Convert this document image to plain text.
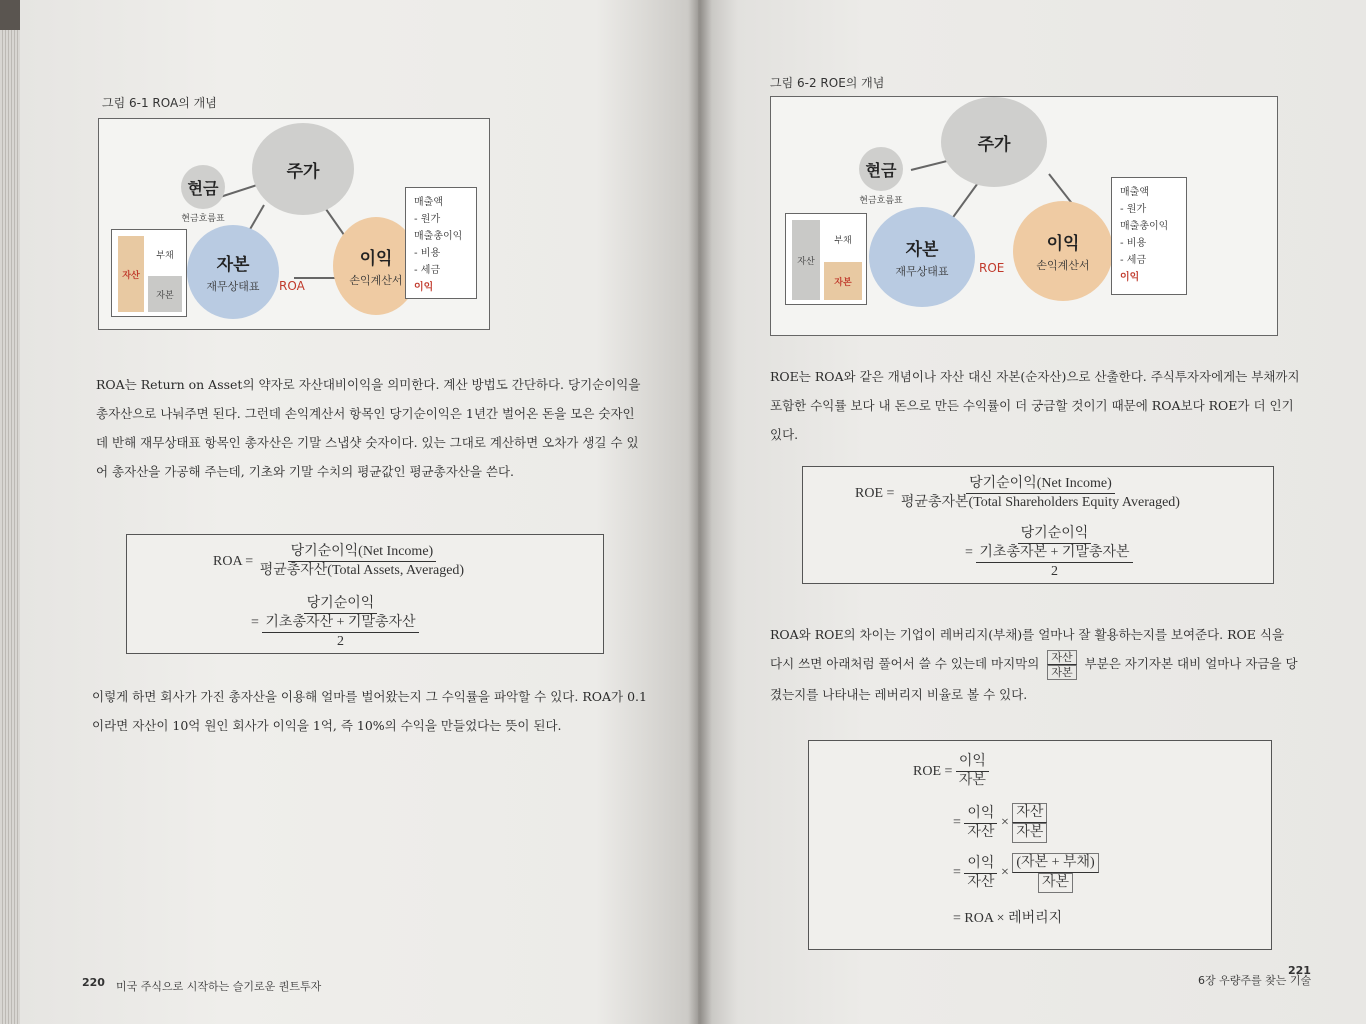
그림 6-1 ROA의 개념
주가
현금
현금흐름표
자본
재무상태표
이익
손익계산서
ROA
자산
부채
자본
매출액
- 원가
매출총이익
- 비용
- 세금
이익
ROA는 Return on Asset의 약자로 자산대비이익을 의미한다. 계산 방법도 간단하다. 당기순이익을 총자산으로 나눠주면 된다. 그런데 손익계산서 항목인 당기순이익은 1년간 벌어온 돈을 모은 숫자인데 반해 재무상태표 항목인 총자산은 기말 스냅샷 숫자이다. 있는 그대로 계산하면 오차가 생길 수 있어 총자산을 가공해 주는데, 기초와 기말 수치의 평균값인 평균총자산을 쓴다.
ROA =
$\frac{\text{당기순이익(Net Income)}}{\text{평균총자산(Total Assets, Averaged)}}$
=
$\frac{\text{당기순이익}}{\frac{\text{기초총자산 + 기말총자산}}{2}}$
이렇게 하면 회사가 가진 총자산을 이용해 얼마를 벌어왔는지 그 수익률을 파악할 수 있다. ROA가 0.1이라면 자산이 10억 원인 회사가 이익을 1억, 즉 10%의 수익을 만들었다는 뜻이 된다.
220 미국 주식으로 시작하는 슬기로운 퀀트투자
그림 6-2 ROE의 개념
주가
현금
현금흐름표
자본
재무상태표
이익
손익계산서
ROE
자산
부채
자본
매출액
- 원가
매출총이익
- 비용
- 세금
이익
ROE는 ROA와 같은 개념이나 자산 대신 자본(순자산)으로 산출한다. 주식투자자에게는 부채까지 포함한 수익률 보다 내 돈으로 만든 수익률이 더 궁금할 것이기 때문에 ROA보다 ROE가 더 인기 있다.
ROE =
$\frac{\text{당기순이익(Net Income)}}{\text{평균총자본(Total Shareholders Equity Averaged)}}$
=
$\frac{\text{당기순이익}}{\frac{\text{기초총자본 + 기말총자본}}{2}}$
ROA와 ROE의 차이는 기업이 레버리지(부채)를 얼마나 잘 활용하는지를 보여준다. ROE 식을 다시 쓰면 아래처럼 풀어서 쓸 수 있는데 마지막의 $\frac{\text{자산}}{\text{자본}}$ 부분은 자기자본 대비 얼마나 자금을 당겼는지를 나타내는 레버리지 비율로 볼 수 있다.
ROE =
$\frac{\text{이익}}{\text{자본}}$
=
$\frac{\text{이익}}{\text{자산}}$
×
$\frac{\text{자산}}{\text{자본}}$
=
$\frac{\text{이익}}{\text{자산}}$
×
$\frac{\text{(자본 + 부채)}}{\text{자본}}$
= ROA × 레버리지
6장 우량주를 찾는 기술
221
